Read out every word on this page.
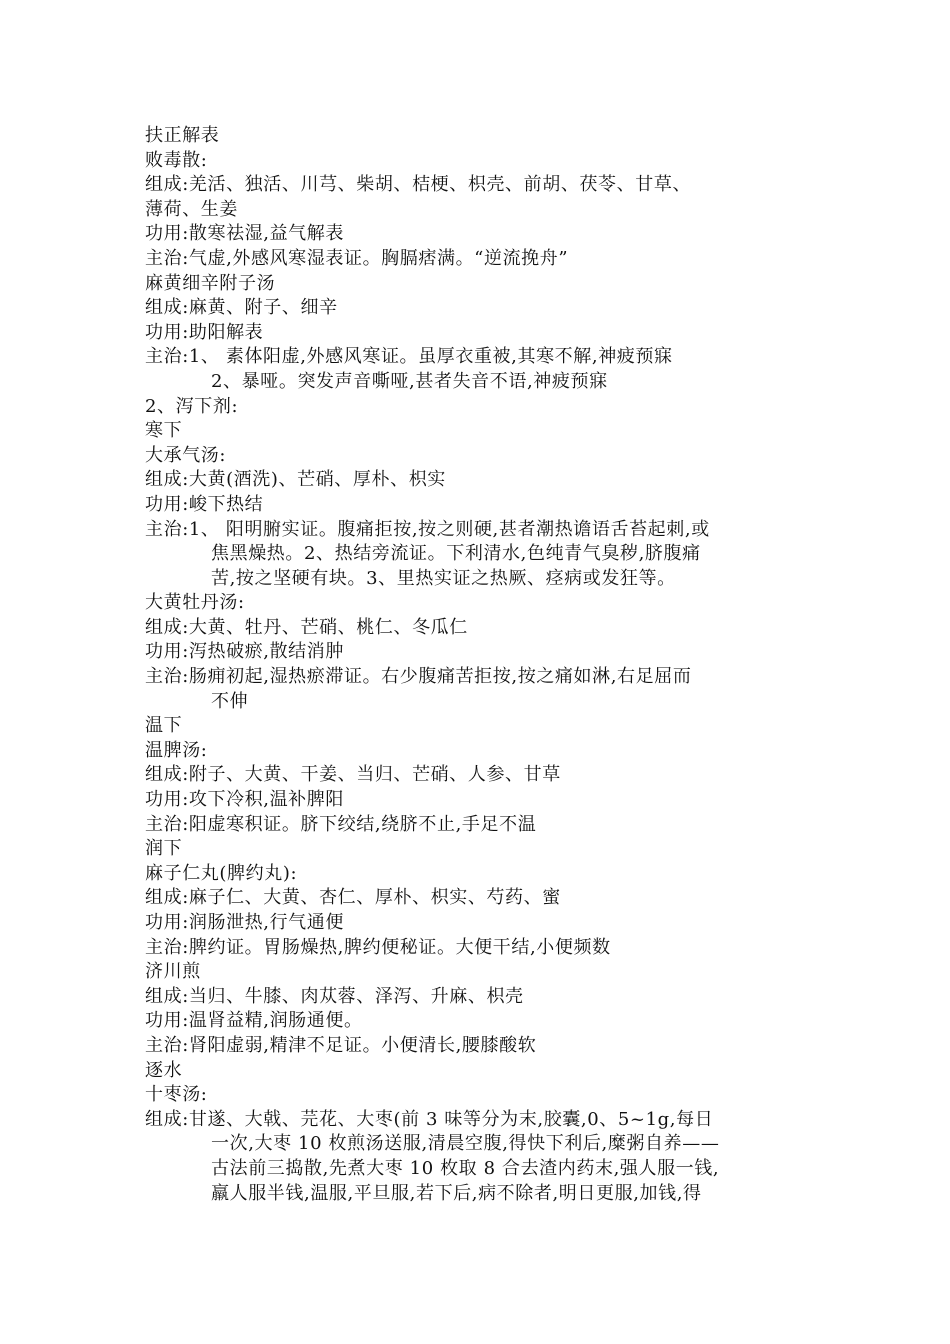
扶正解表
败毒散:
组成:羌活、独活、川芎、柴胡、桔梗、枳壳、前胡、茯苓、甘草、
薄荷、生姜
功用:散寒祛湿,益气解表
主治:气虚,外感风寒湿表证。胸膈痞满。“逆流挽舟”
麻黄细辛附子汤
组成:麻黄、附子、细辛
功用:助阳解表
主治:1、 素体阳虚,外感风寒证。虽厚衣重被,其寒不解,神疲预寐
2、暴哑。突发声音嘶哑,甚者失音不语,神疲预寐
2、泻下剂:
寒下
大承气汤:
组成:大黄(酒洗)、芒硝、厚朴、枳实
功用:峻下热结
主治:1、 阳明腑实证。腹痛拒按,按之则硬,甚者潮热谵语舌苔起刺,或
焦黑燥热。2、热结旁流证。下利清水,色纯青气臭秽,脐腹痛
苦,按之坚硬有块。3、里热实证之热厥、痉病或发狂等。
大黄牡丹汤:
组成:大黄、牡丹、芒硝、桃仁、冬瓜仁
功用:泻热破瘀,散结消肿
主治:肠痈初起,湿热瘀滞证。右少腹痛苦拒按,按之痛如淋,右足屈而
不伸
温下
温脾汤:
组成:附子、大黄、干姜、当归、芒硝、人参、甘草
功用:攻下冷积,温补脾阳
主治:阳虚寒积证。脐下绞结,绕脐不止,手足不温
润下
麻子仁丸(脾约丸):
组成:麻子仁、大黄、杏仁、厚朴、枳实、芍药、蜜
功用:润肠泄热,行气通便
主治:脾约证。胃肠燥热,脾约便秘证。大便干结,小便频数
济川煎
组成:当归、牛膝、肉苁蓉、泽泻、升麻、枳壳
功用:温肾益精,润肠通便。
主治:肾阳虚弱,精津不足证。小便清长,腰膝酸软
逐水
十枣汤:
组成:甘遂、大戟、芫花、大枣(前 3 味等分为末,胶囊,0、5~1g,每日
一次,大枣 10 枚煎汤送服,清晨空腹,得快下利后,糜粥自养——
古法前三捣散,先煮大枣 10 枚取 8 合去渣内药末,强人服一钱,
羸人服半钱,温服,平旦服,若下后,病不除者,明日更服,加钱,得
